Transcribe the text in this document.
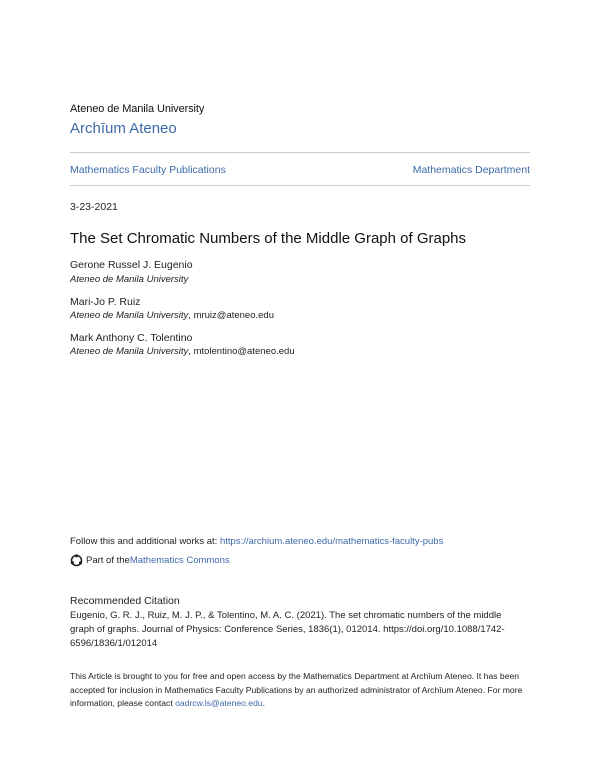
Ateneo de Manila University
Archīum Ateneo
Mathematics Faculty Publications	Mathematics Department
3-23-2021
The Set Chromatic Numbers of the Middle Graph of Graphs
Gerone Russel J. Eugenio
Ateneo de Manila University
Mari-Jo P. Ruiz
Ateneo de Manila University, mruiz@ateneo.edu
Mark Anthony C. Tolentino
Ateneo de Manila University, mtolentino@ateneo.edu
Follow this and additional works at: https://archium.ateneo.edu/mathematics-faculty-pubs
Part of the Mathematics Commons
Recommended Citation

Eugenio, G. R. J., Ruiz, M. J. P., & Tolentino, M. A. C. (2021). The set chromatic numbers of the middle graph of graphs. Journal of Physics: Conference Series, 1836(1), 012014. https://doi.org/10.1088/1742-6596/1836/1/012014

This Article is brought to you for free and open access by the Mathematics Department at Archīum Ateneo. It has been accepted for inclusion in Mathematics Faculty Publications by an authorized administrator of Archīum Ateneo. For more information, please contact oadrcw.ls@ateneo.edu.
